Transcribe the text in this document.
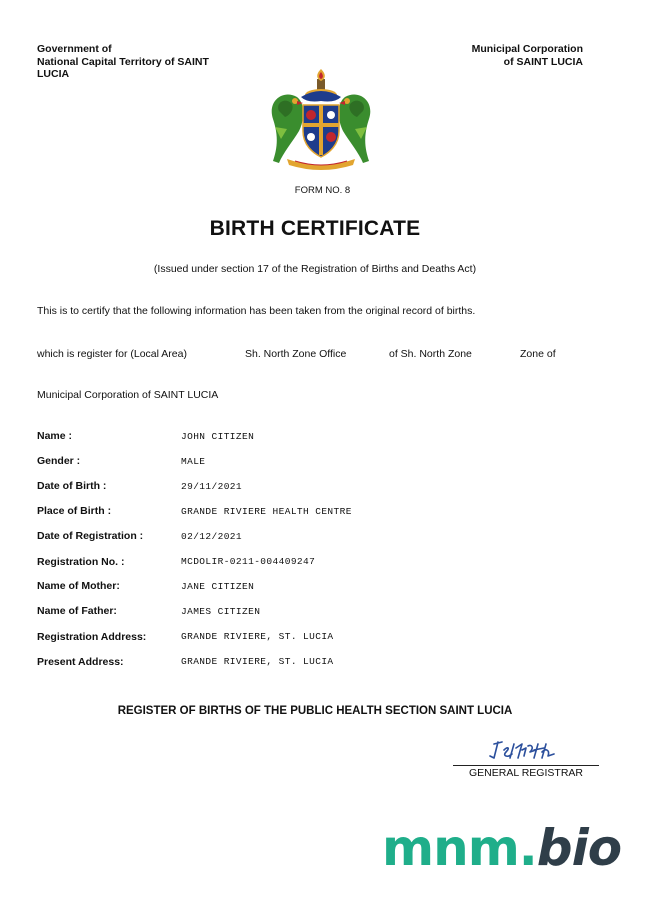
Government of
National Capital Territory of SAINT
LUCIA
Municipal Corporation
of SAINT LUCIA
FORM NO. 8
BIRTH CERTIFICATE
(Issued under section 17 of the Registration of Births and Deaths Act)
This is to certify that the following information has been taken from the original record of births.
which is register for (Local Area)	Sh. North Zone Office	of Sh. North Zone	Zone of
Municipal Corporation of SAINT LUCIA
Name :	JOHN CITIZEN
Gender :	MALE
Date of Birth :	29/11/2021
Place of Birth :	GRANDE RIVIERE HEALTH CENTRE
Date of Registration :	02/12/2021
Registration No. :	MCDOLIR-0211-004409247
Name of Mother:	JANE CITIZEN
Name of Father:	JAMES CITIZEN
Registration Address:	GRANDE RIVIERE, ST. LUCIA
Present Address:	GRANDE RIVIERE, ST. LUCIA
REGISTER OF BIRTHS OF THE PUBLIC HEALTH SECTION SAINT LUCIA
GENERAL REGISTRAR
mnm.bio
